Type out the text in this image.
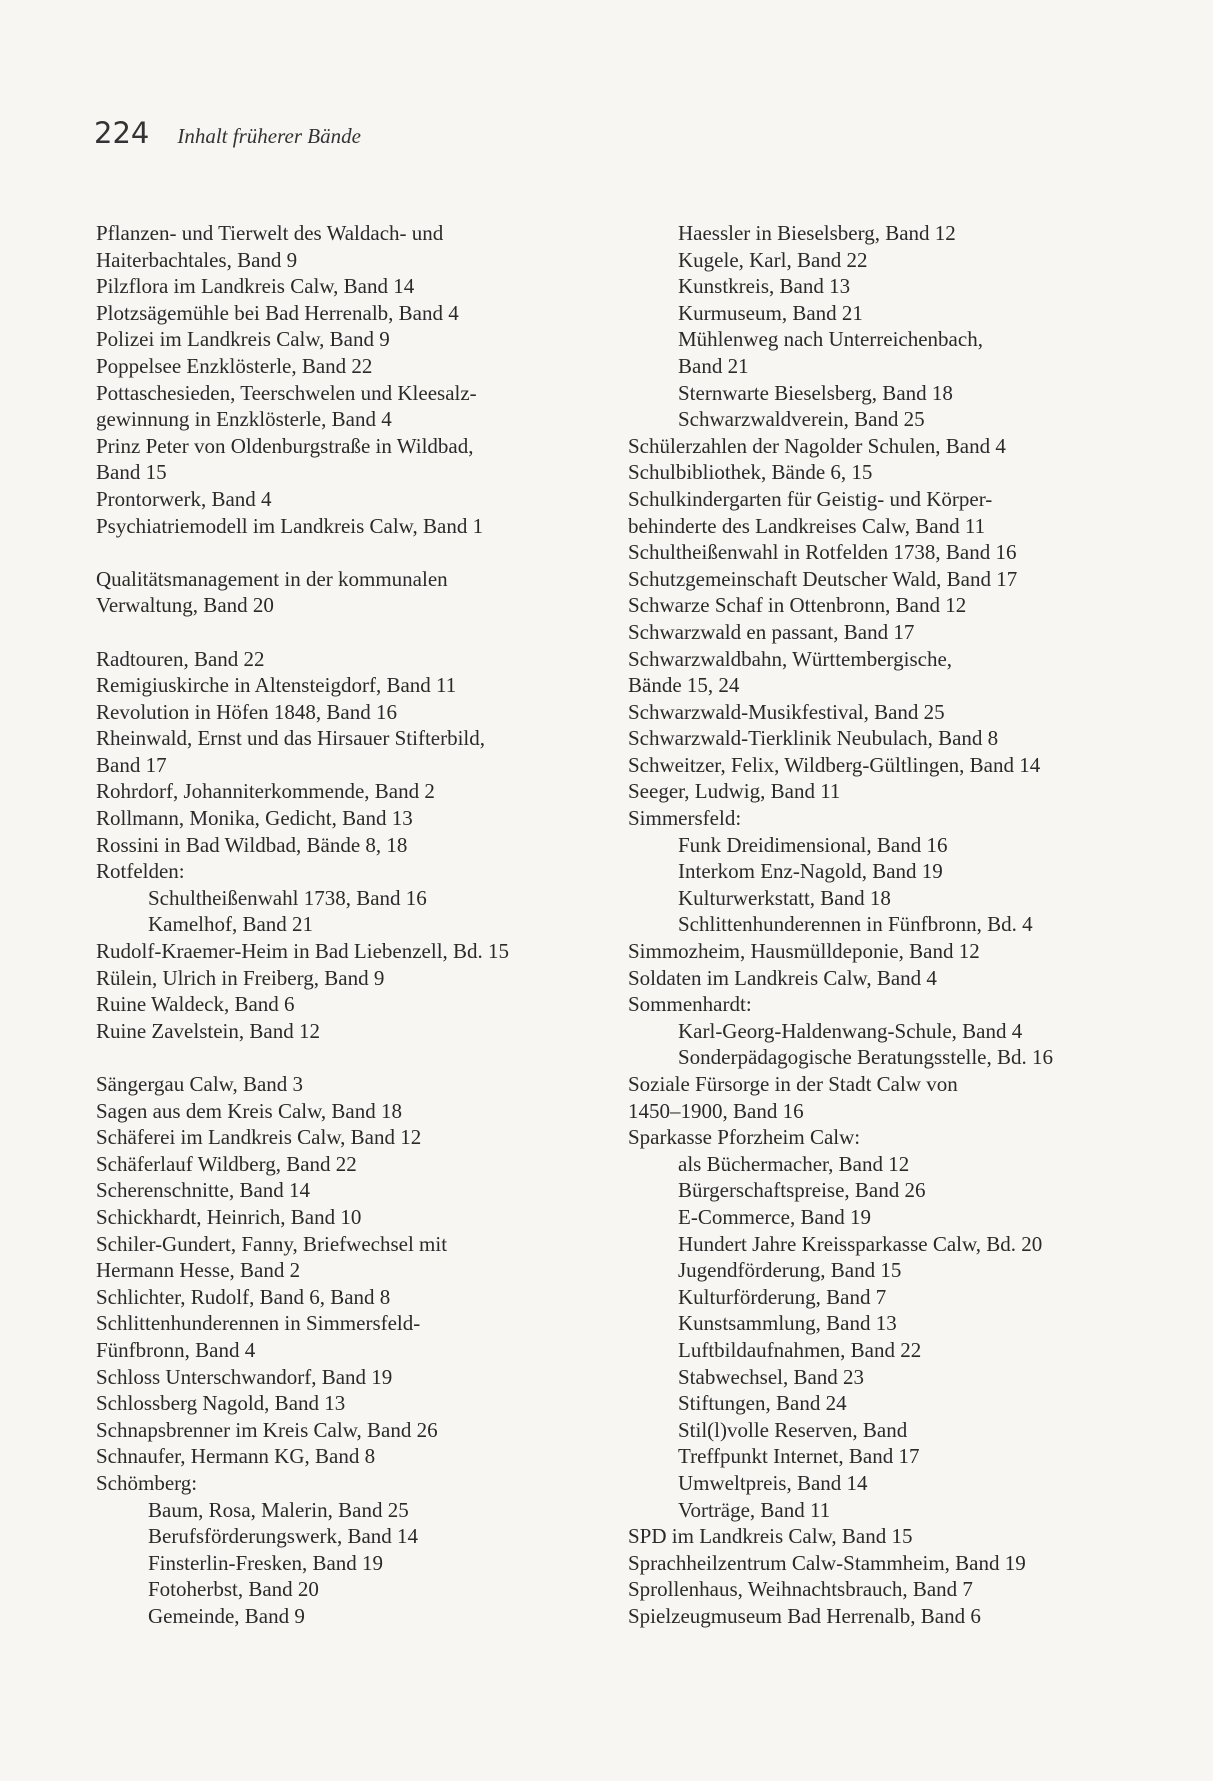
224 Inhalt früherer Bände
Pflanzen- und Tierwelt des Waldach- und
Haiterbachtales, Band 9
Pilzflora im Landkreis Calw, Band 14
Plotzsägemühle bei Bad Herrenalb, Band 4
Polizei im Landkreis Calw, Band 9
Poppelsee Enzklösterle, Band 22
Pottaschesieden, Teerschwelen und Kleesalz-
gewinnung in Enzklösterle, Band 4
Prinz Peter von Oldenburgstraße in Wildbad,
Band 15
Prontorwerk, Band 4
Psychiatriemodell im Landkreis Calw, Band 1
Qualitätsmanagement in der kommunalen
Verwaltung, Band 20
Radtouren, Band 22
Remigiuskirche in Altensteigdorf, Band 11
Revolution in Höfen 1848, Band 16
Rheinwald, Ernst und das Hirsauer Stifterbild,
Band 17
Rohrdorf, Johanniterkommende, Band 2
Rollmann, Monika, Gedicht, Band 13
Rossini in Bad Wildbad, Bände 8, 18
Rotfelden:
Schultheißenwahl 1738, Band 16
Kamelhof, Band 21
Rudolf-Kraemer-Heim in Bad Liebenzell, Bd. 15
Rülein, Ulrich in Freiberg, Band 9
Ruine Waldeck, Band 6
Ruine Zavelstein, Band 12
Sängergau Calw, Band 3
Sagen aus dem Kreis Calw, Band 18
Schäferei im Landkreis Calw, Band 12
Schäferlauf Wildberg, Band 22
Scherenschnitte, Band 14
Schickhardt, Heinrich, Band 10
Schiler-Gundert, Fanny, Briefwechsel mit
Hermann Hesse, Band 2
Schlichter, Rudolf, Band 6, Band 8
Schlittenhunderennen in Simmersfeld-
Fünfbronn, Band 4
Schloss Unterschwandorf, Band 19
Schlossberg Nagold, Band 13
Schnapsbrenner im Kreis Calw, Band 26
Schnaufer, Hermann KG, Band 8
Schömberg:
Baum, Rosa, Malerin, Band 25
Berufsförderungswerk, Band 14
Finsterlin-Fresken, Band 19
Fotoherbst, Band 20
Gemeinde, Band 9
Haessler in Bieselsberg, Band 12
Kugele, Karl, Band 22
Kunstkreis, Band 13
Kurmuseum, Band 21
Mühlenweg nach Unterreichenbach,
Band 21
Sternwarte Bieselsberg, Band 18
Schwarzwaldverein, Band 25
Schülerzahlen der Nagolder Schulen, Band 4
Schulbibliothek, Bände 6, 15
Schulkindergarten für Geistig- und Körper-
behinderte des Landkreises Calw, Band 11
Schultheißenwahl in Rotfelden 1738, Band 16
Schutzgemeinschaft Deutscher Wald, Band 17
Schwarze Schaf in Ottenbronn, Band 12
Schwarzwald en passant, Band 17
Schwarzwaldbahn, Württembergische,
Bände 15, 24
Schwarzwald-Musikfestival, Band 25
Schwarzwald-Tierklinik Neubulach, Band 8
Schweitzer, Felix, Wildberg-Gültlingen, Band 14
Seeger, Ludwig, Band 11
Simmersfeld:
Funk Dreidimensional, Band 16
Interkom Enz-Nagold, Band 19
Kulturwerkstatt, Band 18
Schlittenhunderennen in Fünfbronn, Bd. 4
Simmozheim, Hausmülldeponie, Band 12
Soldaten im Landkreis Calw, Band 4
Sommenhardt:
Karl-Georg-Haldenwang-Schule, Band 4
Sonderpädagogische Beratungsstelle, Bd. 16
Soziale Fürsorge in der Stadt Calw von
1450–1900, Band 16
Sparkasse Pforzheim Calw:
als Büchermacher, Band 12
Bürgerschaftspreise, Band 26
E-Commerce, Band 19
Hundert Jahre Kreissparkasse Calw, Bd. 20
Jugendförderung, Band 15
Kulturförderung, Band 7
Kunstsammlung, Band 13
Luftbildaufnahmen, Band 22
Stabwechsel, Band 23
Stiftungen, Band 24
Stil(l)volle Reserven, Band
Treffpunkt Internet, Band 17
Umweltpreis, Band 14
Vorträge, Band 11
SPD im Landkreis Calw, Band 15
Sprachheilzentrum Calw-Stammheim, Band 19
Sprollenhaus, Weihnachtsbrauch, Band 7
Spielzeugmuseum Bad Herrenalb, Band 6
